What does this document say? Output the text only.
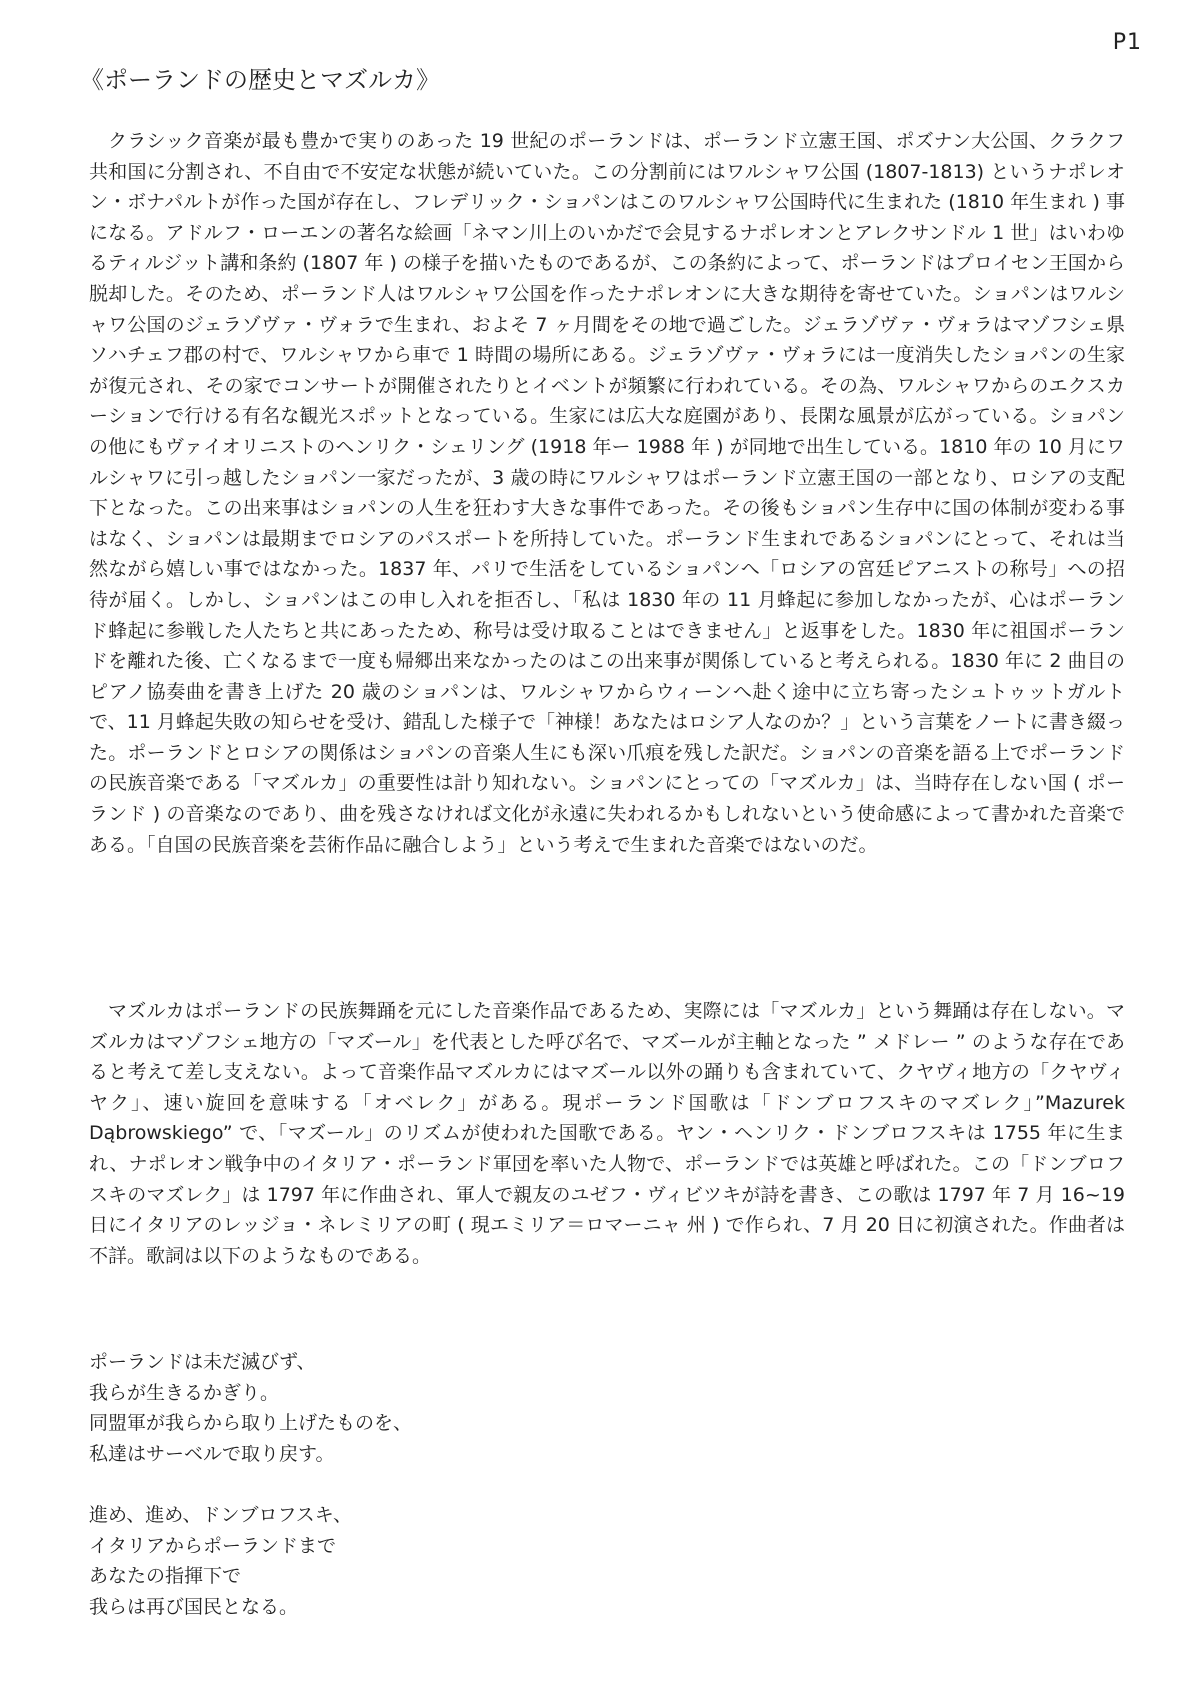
P1
《ポーランドの歴史とマズルカ》

クラシック音楽が最も豊かで実りのあった 19 世紀のポーランドは、ポーランド立憲王国、ポズナン大公国、クラクフ共和国に分割され、不自由で不安定な状態が続いていた。この分割前にはワルシャワ公国 (1807-1813) というナポレオン・ボナパルトが作った国が存在し、フレデリック・ショパンはこのワルシャワ公国時代に生まれた (1810 年生まれ ) 事になる。アドルフ・ローエンの著名な絵画「ネマン川上のいかだで会見するナポレオンとアレクサンドル 1 世」はいわゆるティルジット講和条約 (1807 年 ) の様子を描いたものであるが、この条約によって、ポーランドはプロイセン王国から脱却した。そのため、ポーランド人はワルシャワ公国を作ったナポレオンに大きな期待を寄せていた。ショパンはワルシャワ公国のジェラゾヴァ・ヴォラで生まれ、およそ 7 ヶ月間をその地で過ごした。ジェラゾヴァ・ヴォラはマゾフシェ県ソハチェフ郡の村で、ワルシャワから車で 1 時間の場所にある。ジェラゾヴァ・ヴォラには一度消失したショパンの生家が復元され、その家でコンサートが開催されたりとイベントが頻繁に行われている。その為、ワルシャワからのエクスカーションで行ける有名な観光スポットとなっている。生家には広大な庭園があり、長閑な風景が広がっている。ショパンの他にもヴァイオリニストのヘンリク・シェリング (1918 年ー 1988 年 ) が同地で出生している。1810 年の 10 月にワルシャワに引っ越したショパン一家だったが、3 歳の時にワルシャワはポーランド立憲王国の一部となり、ロシアの支配下となった。この出来事はショパンの人生を狂わす大きな事件であった。その後もショパン生存中に国の体制が変わる事はなく、ショパンは最期までロシアのパスポートを所持していた。ポーランド生まれであるショパンにとって、それは当然ながら嬉しい事ではなかった。1837 年、パリで生活をしているショパンへ「ロシアの宮廷ピアニストの称号」への招待が届く。しかし、ショパンはこの申し入れを拒否し、「私は 1830 年の 11 月蜂起に参加しなかったが、心はポーランド蜂起に参戦した人たちと共にあったため、称号は受け取ることはできません」と返事をした。1830 年に祖国ポーランドを離れた後、亡くなるまで一度も帰郷出来なかったのはこの出来事が関係していると考えられる。1830 年に 2 曲目のピアノ協奏曲を書き上げた 20 歳のショパンは、ワルシャワからウィーンへ赴く途中に立ち寄ったシュトゥットガルトで、11 月蜂起失敗の知らせを受け、錯乱した様子で「神様！あなたはロシア人なのか？」という言葉をノートに書き綴った。ポーランドとロシアの関係はショパンの音楽人生にも深い爪痕を残した訳だ。ショパンの音楽を語る上でポーランドの民族音楽である「マズルカ」の重要性は計り知れない。ショパンにとっての「マズルカ」は、当時存在しない国 ( ポーランド ) の音楽なのであり、曲を残さなければ文化が永遠に失われるかもしれないという使命感によって書かれた音楽である。「自国の民族音楽を芸術作品に融合しよう」という考えで生まれた音楽ではないのだ。

マズルカはポーランドの民族舞踊を元にした音楽作品であるため、実際には「マズルカ」という舞踊は存在しない。マズルカはマゾフシェ地方の「マズール」を代表とした呼び名で、マズールが主軸となった ” メドレー ” のような存在であると考えて差し支えない。よって音楽作品マズルカにはマズール以外の踊りも含まれていて、クヤヴィ地方の「クヤヴィヤク」、速い旋回を意味する「オベレク」がある。現ポーランド国歌は「ドンブロフスキのマズレク」”Mazurek Dąbrowskiego” で、「マズール」のリズムが使われた国歌である。ヤン・ヘンリク・ドンブロフスキは 1755 年に生まれ、ナポレオン戦争中のイタリア・ポーランド軍団を率いた人物で、ポーランドでは英雄と呼ばれた。この「ドンブロフスキのマズレク」は 1797 年に作曲され、軍人で親友のユゼフ・ヴィビツキが詩を書き、この歌は 1797 年 7 月 16~19 日にイタリアのレッジョ・ネレミリアの町 ( 現エミリア＝ロマーニャ 州 ) で作られ、7 月 20 日に初演された。作曲者は不詳。歌詞は以下のようなものである。

ポーランドは未だ滅びず、
我らが生きるかぎり。
同盟軍が我らから取り上げたものを、
私達はサーベルで取り戻す。
進め、進め、ドンブロフスキ、
イタリアからポーランドまで
あなたの指揮下で
我らは再び国民となる。
